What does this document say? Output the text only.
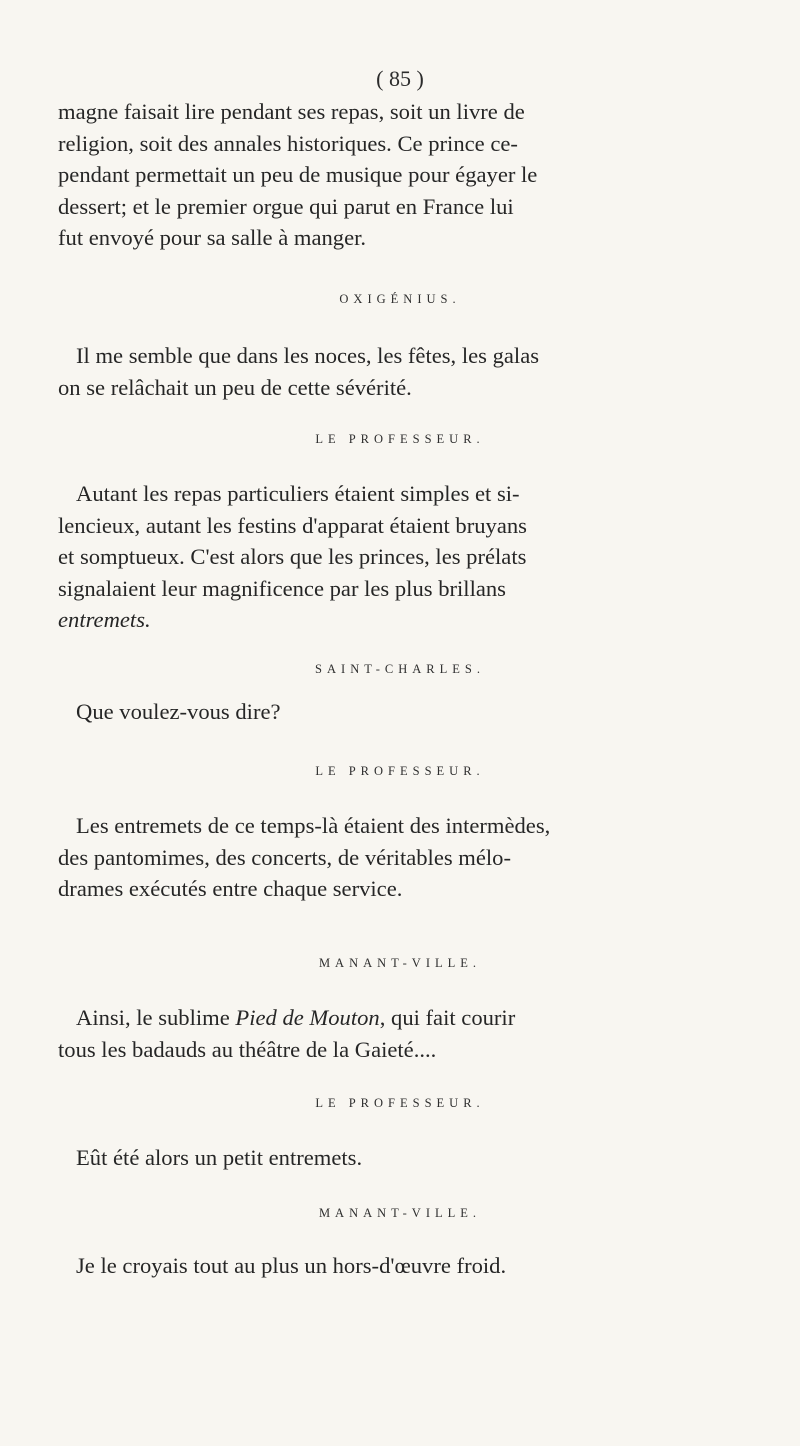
( 85 )

magne faisait lire pendant ses repas, soit un livre de

religion, soit des annales historiques. Ce prince ce-

pendant permettait un peu de musique pour égayer le

dessert; et le premier orgue qui parut en France lui

fut envoyé pour sa salle à manger.

OXIGÉNIUS.

Il me semble que dans les noces, les fêtes, les galas

on se relâchait un peu de cette sévérité.

LE PROFESSEUR.

Autant les repas particuliers étaient simples et si-

lencieux, autant les festins d'apparat étaient bruyans

et somptueux. C'est alors que les princes, les prélats

signalaient leur magnificence par les plus brillans

entremets.

SAINT-CHARLES.

Que voulez-vous dire?

LE PROFESSEUR.

Les entremets de ce temps-là étaient des intermèdes,

des pantomimes, des concerts, de véritables mélo-

drames exécutés entre chaque service.

MANANT-VILLE.

Ainsi, le sublime Pied de Mouton, qui fait courir

tous les badauds au théâtre de la Gaieté....

LE PROFESSEUR.

Eût été alors un petit entremets.

MANANT-VILLE.

Je le croyais tout au plus un hors-d'œuvre froid.
